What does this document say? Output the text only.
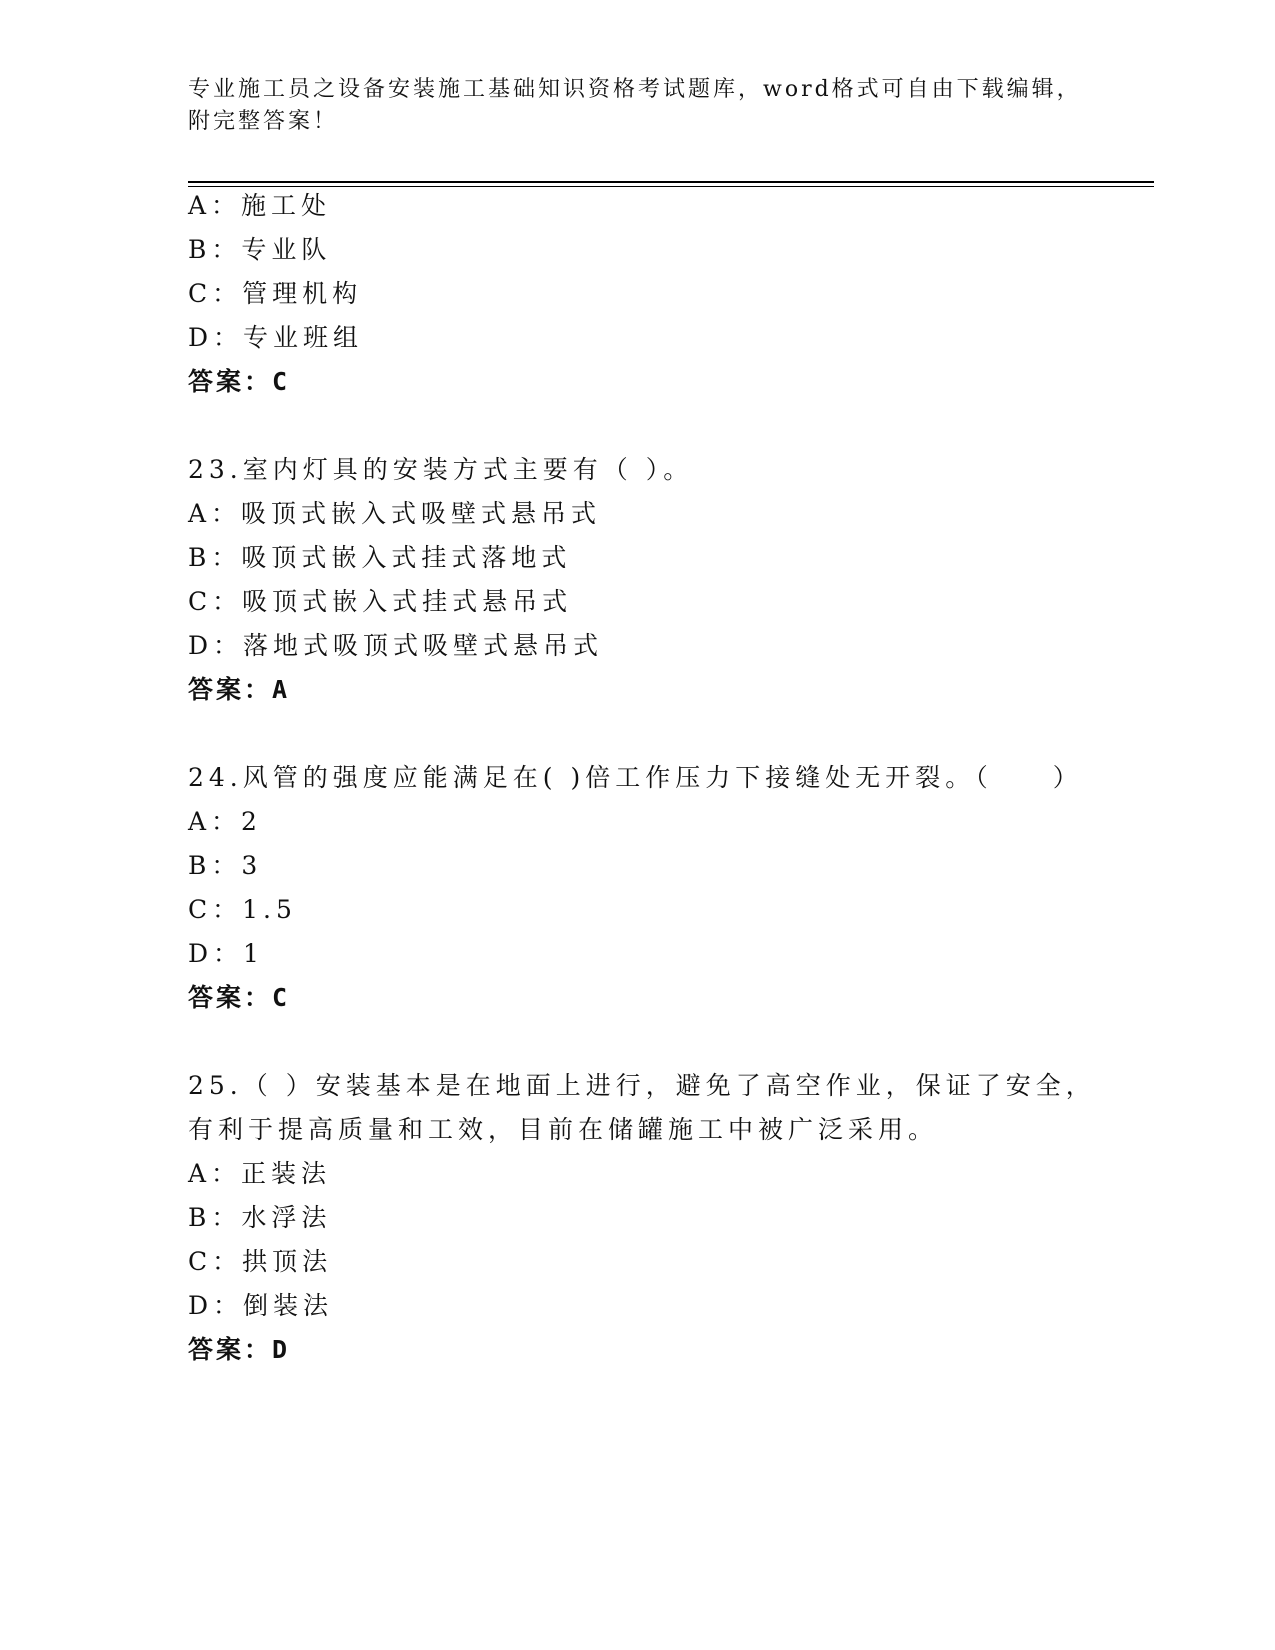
专业施工员之设备安装施工基础知识资格考试题库，word格式可自由下载编辑，
附完整答案！
A：施工处
B：专业队
C：管理机构
D：专业班组
答案：C
23.室内灯具的安装方式主要有（ ）。
A：吸顶式嵌入式吸壁式悬吊式
B：吸顶式嵌入式挂式落地式
C：吸顶式嵌入式挂式悬吊式
D：落地式吸顶式吸壁式悬吊式
答案：A
24.风管的强度应能满足在( )倍工作压力下接缝处无开裂。（　　）
A：2
B：3
C：1.5
D：1
答案：C
25.（ ）安装基本是在地面上进行，避免了高空作业，保证了安全，
有利于提高质量和工效，目前在储罐施工中被广泛采用。
A：正装法
B：水浮法
C：拱顶法
D：倒装法
答案：D
